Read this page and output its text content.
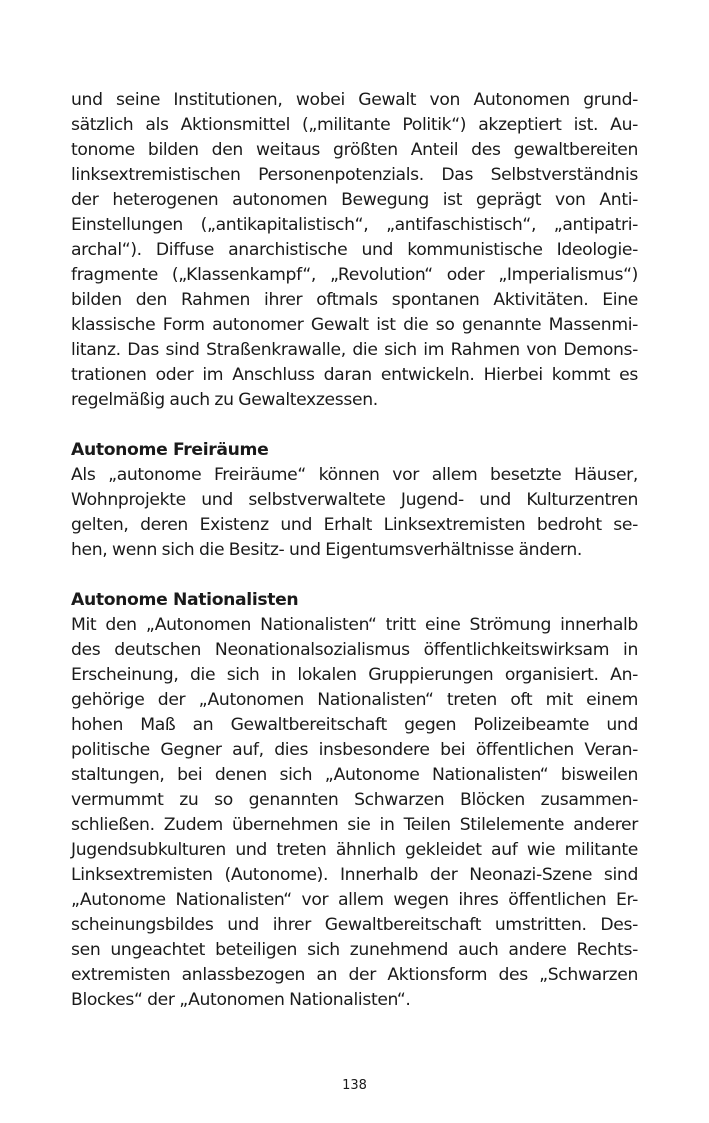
und seine Institutionen, wobei Gewalt von Autonomen grund-
sätzlich als Aktionsmittel („militante Politik“) akzeptiert ist. Au-
tonome bilden den weitaus größten Anteil des gewaltbereiten
linksextremistischen Personenpotenzials. Das Selbstverständnis
der heterogenen autonomen Bewegung ist geprägt von Anti-
Einstellungen („antikapitalistisch“, „antifaschistisch“, „antipatri-
archal“). Diffuse anarchistische und kommunistische Ideologie-
fragmente („Klassenkampf“, „Revolution“ oder „Imperialismus“)
bilden den Rahmen ihrer oftmals spontanen Aktivitäten. Eine
klassische Form autonomer Gewalt ist die so genannte Massenmi-
litanz. Das sind Straßenkrawalle, die sich im Rahmen von Demons-
trationen oder im Anschluss daran entwickeln. Hierbei kommt es
regelmäßig auch zu Gewaltexzessen.
Autonome Freiräume
Als „autonome Freiräume“ können vor allem besetzte Häuser,
Wohnprojekte und selbstverwaltete Jugend- und Kulturzentren
gelten, deren Existenz und Erhalt Linksextremisten bedroht se-
hen, wenn sich die Besitz- und Eigentumsverhältnisse ändern.
Autonome Nationalisten
Mit den „Autonomen Nationalisten“ tritt eine Strömung innerhalb
des deutschen Neonationalsozialismus öffentlichkeitswirksam in
Erscheinung, die sich in lokalen Gruppierungen organisiert. An-
gehörige der „Autonomen Nationalisten“ treten oft mit einem
hohen Maß an Gewaltbereitschaft gegen Polizeibeamte und
politische Gegner auf, dies insbesondere bei öffentlichen Veran-
staltungen, bei denen sich „Autonome Nationalisten“ bisweilen
vermummt zu so genannten Schwarzen Blöcken zusammen-
schließen. Zudem übernehmen sie in Teilen Stilelemente anderer
Jugendsubkulturen und treten ähnlich gekleidet auf wie militante
Linksextremisten (Autonome). Innerhalb der Neonazi-Szene sind
„Autonome Nationalisten“ vor allem wegen ihres öffentlichen Er-
scheinungsbildes und ihrer Gewaltbereitschaft umstritten. Des-
sen ungeachtet beteiligen sich zunehmend auch andere Rechts-
extremisten anlassbezogen an der Aktionsform des „Schwarzen
Blockes“ der „Autonomen Nationalisten“.
138
